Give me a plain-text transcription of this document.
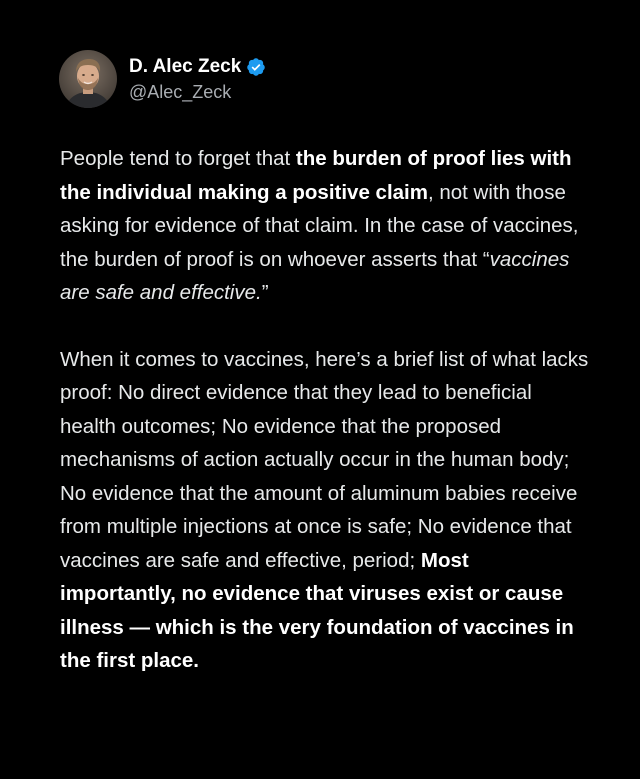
D. Alec Zeck
@Alec_Zeck

People tend to forget that the burden of proof lies with the individual making a positive claim, not with those asking for evidence of that claim. In the case of vaccines, the burden of proof is on whoever asserts that “vaccines are safe and effective.”

When it comes to vaccines, here’s a brief list of what lacks proof: No direct evidence that they lead to beneficial health outcomes; No evidence that the proposed mechanisms of action actually occur in the human body; No evidence that the amount of aluminum babies receive from multiple injections at once is safe; No evidence that vaccines are safe and effective, period; Most importantly, no evidence that viruses exist or cause illness — which is the very foundation of vaccines in the first place.
